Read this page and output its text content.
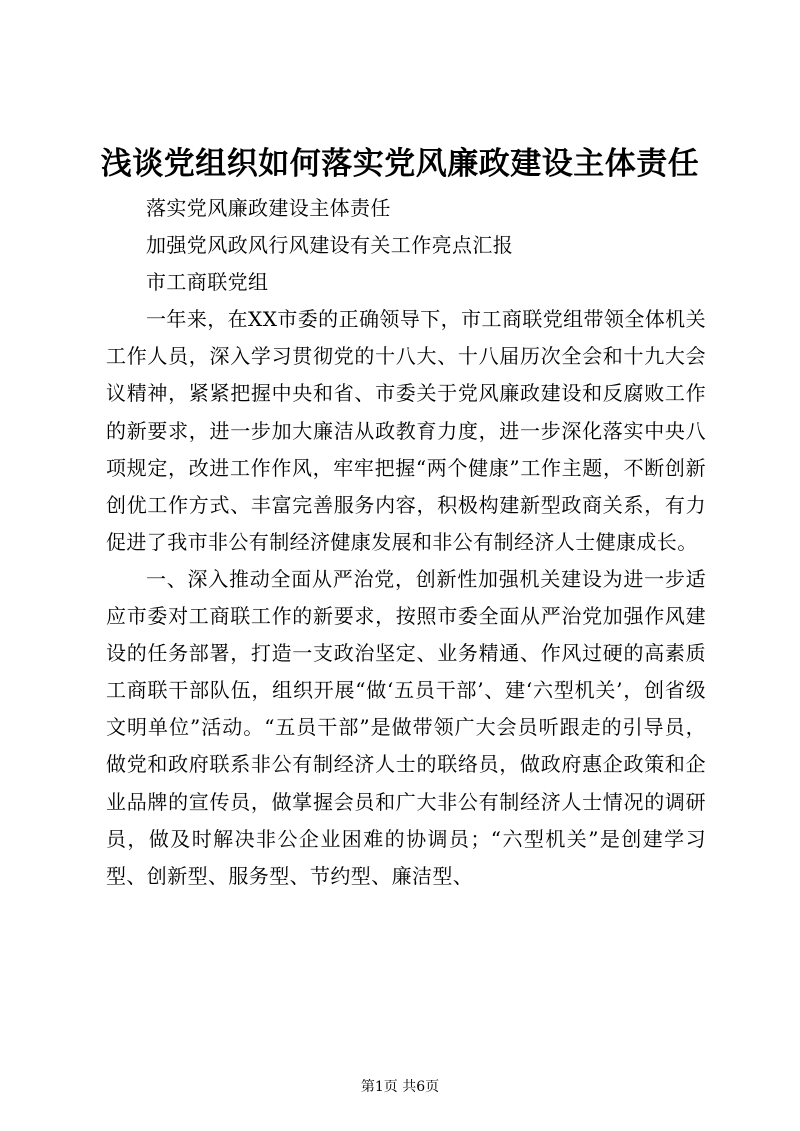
浅谈党组织如何落实党风廉政建设主体责任

落实党风廉政建设主体责任

加强党风政风行风建设有关工作亮点汇报

市工商联党组

一年来，在XX市委的正确领导下，市工商联党组带领全体机关工作人员，深入学习贯彻党的十八大、十八届历次全会和十九大会议精神，紧紧把握中央和省、市委关于党风廉政建设和反腐败工作的新要求，进一步加大廉洁从政教育力度，进一步深化落实中央八项规定，改进工作作风，牢牢把握“两个健康”工作主题，不断创新创优工作方式、丰富完善服务内容，积极构建新型政商关系，有力促进了我市非公有制经济健康发展和非公有制经济人士健康成长。

一、深入推动全面从严治党，创新性加强机关建设为进一步适应市委对工商联工作的新要求，按照市委全面从严治党加强作风建设的任务部署，打造一支政治坚定、业务精通、作风过硬的高素质工商联干部队伍，组织开展“做‘五员干部’、建‘六型机关’，创省级文明单位”活动。“五员干部”是做带领广大会员听跟走的引导员，做党和政府联系非公有制经济人士的联络员，做政府惠企政策和企业品牌的宣传员，做掌握会员和广大非公有制经济人士情况的调研员，做及时解决非公企业困难的协调员；“六型机关”是创建学习型、创新型、服务型、节约型、廉洁型、

第1页 共6页
